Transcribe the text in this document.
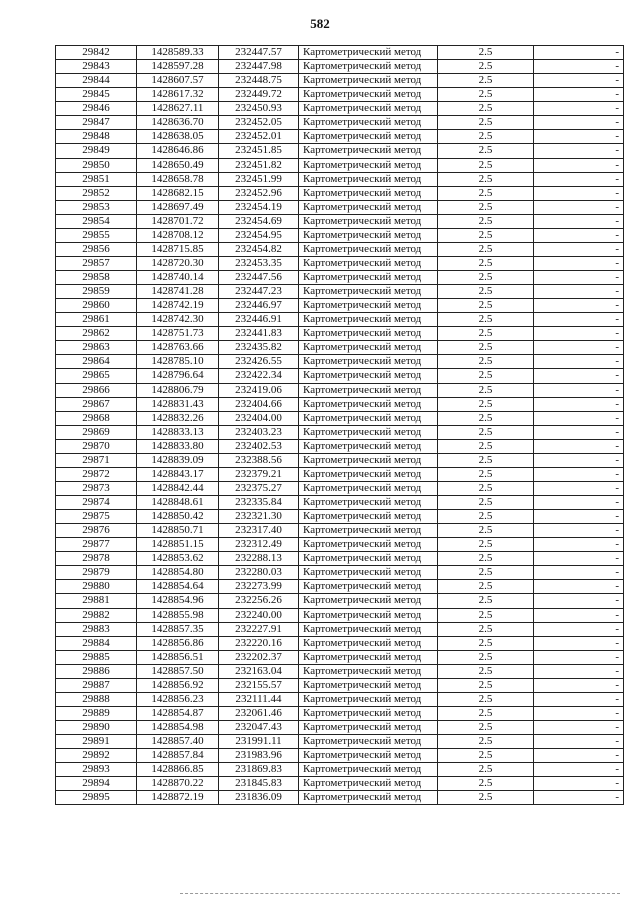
582
29842	1428589.33	232447.57	Картометрический метод	2.5	-
29843	1428597.28	232447.98	Картометрический метод	2.5	-
29844	1428607.57	232448.75	Картометрический метод	2.5	-
29845	1428617.32	232449.72	Картометрический метод	2.5	-
29846	1428627.11	232450.93	Картометрический метод	2.5	-
29847	1428636.70	232452.05	Картометрический метод	2.5	-
29848	1428638.05	232452.01	Картометрический метод	2.5	-
29849	1428646.86	232451.85	Картометрический метод	2.5	-
29850	1428650.49	232451.82	Картометрический метод	2.5	-
29851	1428658.78	232451.99	Картометрический метод	2.5	-
29852	1428682.15	232452.96	Картометрический метод	2.5	-
29853	1428697.49	232454.19	Картометрический метод	2.5	-
29854	1428701.72	232454.69	Картометрический метод	2.5	-
29855	1428708.12	232454.95	Картометрический метод	2.5	-
29856	1428715.85	232454.82	Картометрический метод	2.5	-
29857	1428720.30	232453.35	Картометрический метод	2.5	-
29858	1428740.14	232447.56	Картометрический метод	2.5	-
29859	1428741.28	232447.23	Картометрический метод	2.5	-
29860	1428742.19	232446.97	Картометрический метод	2.5	-
29861	1428742.30	232446.91	Картометрический метод	2.5	-
29862	1428751.73	232441.83	Картометрический метод	2.5	-
29863	1428763.66	232435.82	Картометрический метод	2.5	-
29864	1428785.10	232426.55	Картометрический метод	2.5	-
29865	1428796.64	232422.34	Картометрический метод	2.5	-
29866	1428806.79	232419.06	Картометрический метод	2.5	-
29867	1428831.43	232404.66	Картометрический метод	2.5	-
29868	1428832.26	232404.00	Картометрический метод	2.5	-
29869	1428833.13	232403.23	Картометрический метод	2.5	-
29870	1428833.80	232402.53	Картометрический метод	2.5	-
29871	1428839.09	232388.56	Картометрический метод	2.5	-
29872	1428843.17	232379.21	Картометрический метод	2.5	-
29873	1428842.44	232375.27	Картометрический метод	2.5	-
29874	1428848.61	232335.84	Картометрический метод	2.5	-
29875	1428850.42	232321.30	Картометрический метод	2.5	-
29876	1428850.71	232317.40	Картометрический метод	2.5	-
29877	1428851.15	232312.49	Картометрический метод	2.5	-
29878	1428853.62	232288.13	Картометрический метод	2.5	-
29879	1428854.80	232280.03	Картометрический метод	2.5	-
29880	1428854.64	232273.99	Картометрический метод	2.5	-
29881	1428854.96	232256.26	Картометрический метод	2.5	-
29882	1428855.98	232240.00	Картометрический метод	2.5	-
29883	1428857.35	232227.91	Картометрический метод	2.5	-
29884	1428856.86	232220.16	Картометрический метод	2.5	-
29885	1428856.51	232202.37	Картометрический метод	2.5	-
29886	1428857.50	232163.04	Картометрический метод	2.5	-
29887	1428856.92	232155.57	Картометрический метод	2.5	-
29888	1428856.23	232111.44	Картометрический метод	2.5	-
29889	1428854.87	232061.46	Картометрический метод	2.5	-
29890	1428854.98	232047.43	Картометрический метод	2.5	-
29891	1428857.40	231991.11	Картометрический метод	2.5	-
29892	1428857.84	231983.96	Картометрический метод	2.5	-
29893	1428866.85	231869.83	Картометрический метод	2.5	-
29894	1428870.22	231845.83	Картометрический метод	2.5	-
29895	1428872.19	231836.09	Картометрический метод	2.5	-
